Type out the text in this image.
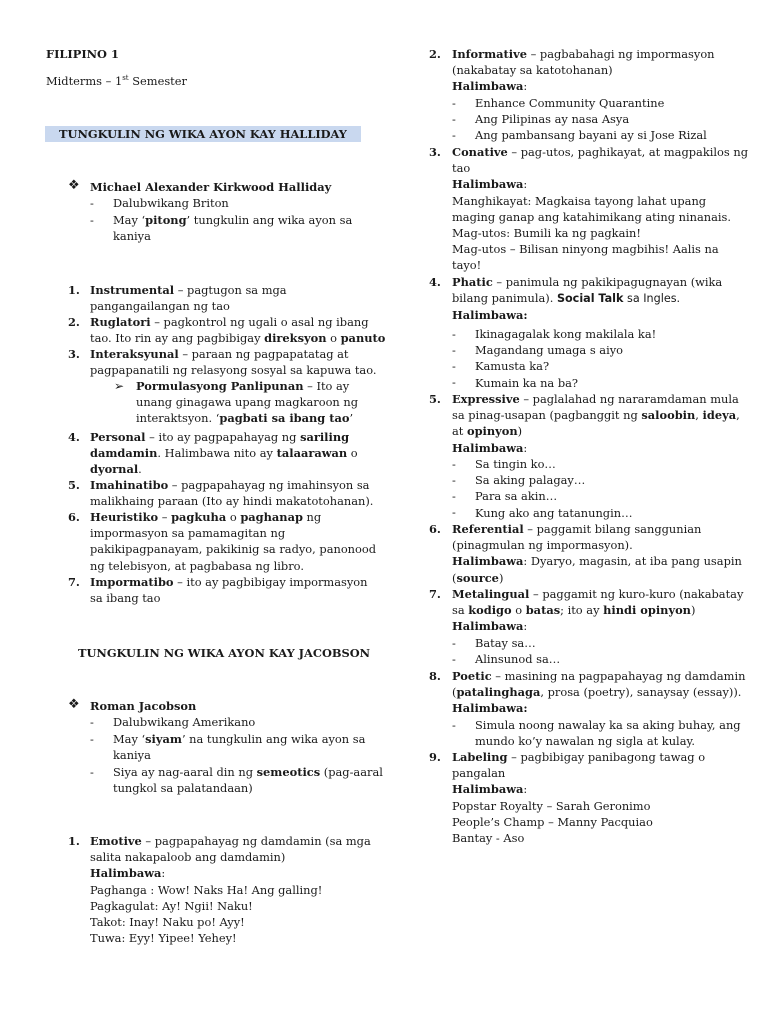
FILIPINO 1
Midterms – 1st Semester
TUNGKULIN NG WIKA AYON KAY HALLIDAY
❖ Michael Alexander Kirkwood Halliday
- Dalubwikang Briton
- May ‘pitong’ tungkulin ang wika ayon sa
kaniya
1. Instrumental – pagtugon sa mga
pangangailangan ng tao
2. Ruglatori – pagkontrol ng ugali o asal ng ibang
tao. Ito rin ay ang pagbibigay direksyon o panuto
3. Interaksyunal – paraan ng pagpapatatag at
pagpapanatili ng relasyong sosyal sa kapuwa tao.
➢ Pormulasyong Panlipunan – Ito ay
unang ginagawa upang magkaroon ng
interaktsyon. ‘pagbati sa ibang tao’
4. Personal – ito ay pagpapahayag ng sariling
damdamin. Halimbawa nito ay talaarawan o
dyornal.
5. Imahinatibo – pagpapahayag ng imahinsyon sa
malikhaing paraan (Ito ay hindi makatotohanan).
6. Heuristiko – pagkuha o paghanap ng
impormasyon sa pamamagitan ng
pakikipagpanayam, pakikinig sa radyo, panonood
ng telebisyon, at pagbabasa ng libro.
7. Impormatibo – ito ay pagbibigay impormasyon
sa ibang tao
TUNGKULIN NG WIKA AYON KAY JACOBSON
❖ Roman Jacobson
- Dalubwikang Amerikano
- May ‘siyam’ na tungkulin ang wika ayon sa
kaniya
- Siya ay nag-aaral din ng semeotics (pag-aaral
tungkol sa palatandaan)
1. Emotive – pagpapahayag ng damdamin (sa mga
salita nakapaloob ang damdamin)
Halimbawa:
Paghanga : Wow! Naks Ha! Ang galling!
Pagkagulat: Ay! Ngii! Naku!
Takot: Inay! Naku po! Ayy!
Tuwa: Eyy! Yipee! Yehey!
2. Informative – pagbabahagi ng impormasyon
(nakabatay sa katotohanan)
Halimbawa:
- Enhance Community Quarantine
Ang Pilipinas ay nasa Asya
Ang pambansang bayani ay si Jose Rizal
-
-
3. Conative – pag-utos, paghikayat, at magpakilos ng
tao
Halimbawa:
Manghikayat: Magkaisa tayong lahat upang
maging ganap ang katahimikang ating ninanais.
Mag-utos: Bumili ka ng pagkain!
Mag-utos – Bilisan ninyong magbihis! Aalis na
tayo!
4. Phatic – panimula ng pakikipagugnayan (wika
bilang panimula). Social Talk sa Ingles.
Halimbawa:
- Ikinagagalak kong makilala ka!
Magandang umaga s aiyo
Kamusta ka?
Kumain ka na ba?
-
-
-
5. Expressive – paglalahad ng nararamdaman mula
sa pinag-usapan (pagbanggit ng saloobin, ideya,
at opinyon)
Halimbawa:
- Sa tingin ko…
Sa aking palagay…
Para sa akin…
Kung ako ang tatanungin…
-
-
-
6. Referential – paggamit bilang sanggunian
(pinagmulan ng impormasyon).
Halimbawa: Dyaryo, magasin, at iba pang usapin
(source)
7. Metalingual – paggamit ng kuro-kuro (nakabatay
sa kodigo o batas; ito ay hindi opinyon)
Halimbawa:
- Batay sa…
Alinsunod sa…
-
8. Poetic – masining na pagpapahayag ng damdamin
(patalinghaga, prosa (poetry), sanaysay (essay)).
Halimbawa:
- Simula noong nawalay ka sa aking buhay, ang
mundo ko’y nawalan ng sigla at kulay.
9. Labeling – pagbibigay panibagong tawag o
pangalan
Halimbawa:
Popstar Royalty – Sarah Geronimo
People’s Champ – Manny Pacquiao
Bantay - Aso
